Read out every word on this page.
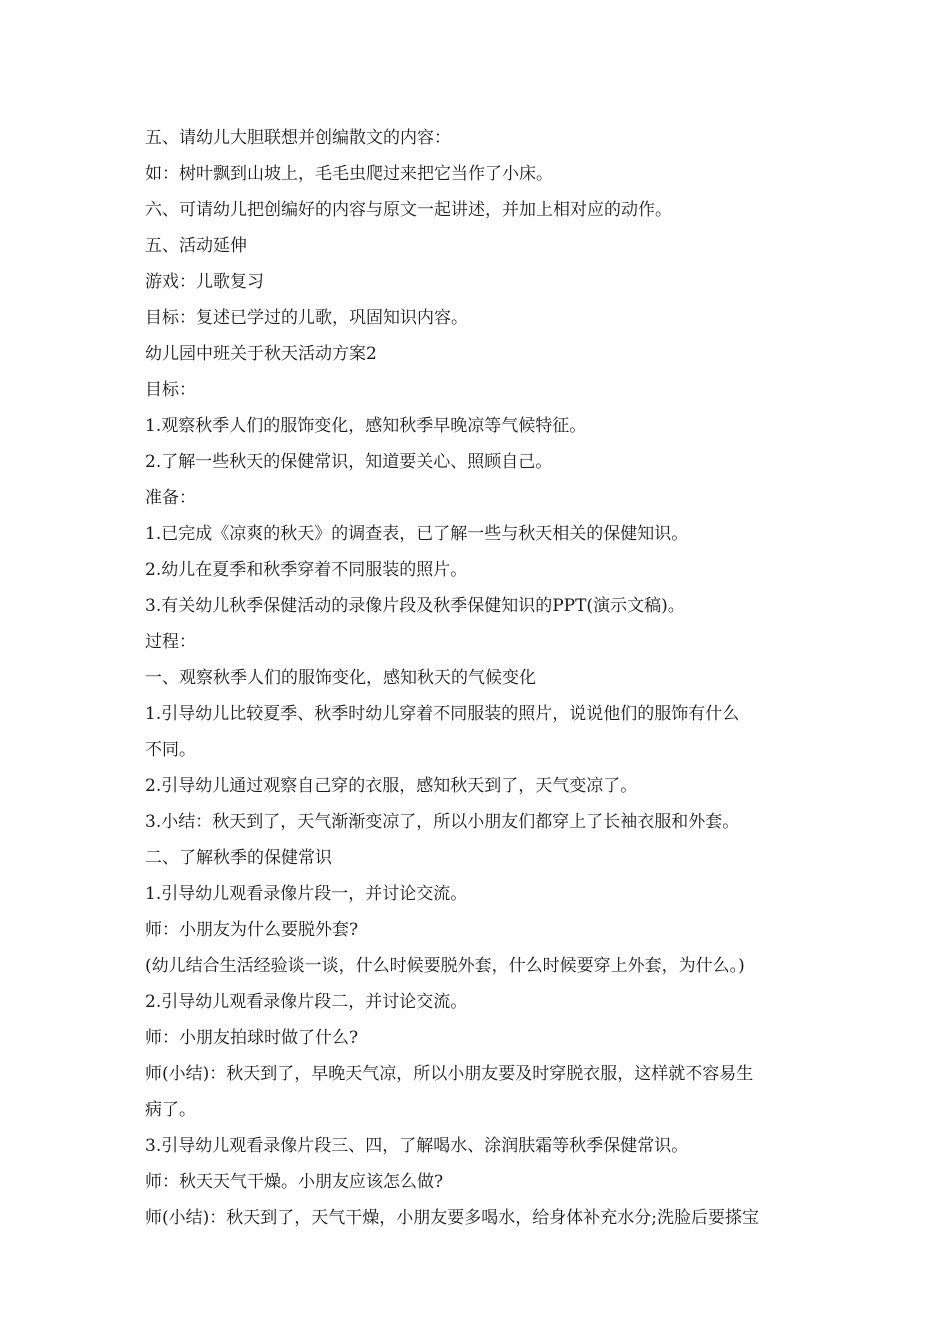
五、请幼儿大胆联想并创编散文的内容：
如：树叶飘到山坡上，毛毛虫爬过来把它当作了小床。
六、可请幼儿把创编好的内容与原文一起讲述，并加上相对应的动作。
五、活动延伸
游戏：儿歌复习
目标：复述已学过的儿歌，巩固知识内容。
幼儿园中班关于秋天活动方案2
目标：
1.观察秋季人们的服饰变化，感知秋季早晚凉等气候特征。
2.了解一些秋天的保健常识，知道要关心、照顾自己。
准备：
1.已完成《凉爽的秋天》的调查表，已了解一些与秋天相关的保健知识。
2.幼儿在夏季和秋季穿着不同服装的照片。
3.有关幼儿秋季保健活动的录像片段及秋季保健知识的PPT(演示文稿)。
过程：
一、观察秋季人们的服饰变化，感知秋天的气候变化
1.引导幼儿比较夏季、秋季时幼儿穿着不同服装的照片，说说他们的服饰有什么
不同。
2.引导幼儿通过观察自己穿的衣服，感知秋天到了，天气变凉了。
3.小结：秋天到了，天气渐渐变凉了，所以小朋友们都穿上了长袖衣服和外套。
二、了解秋季的保健常识
1.引导幼儿观看录像片段一，并讨论交流。
师：小朋友为什么要脱外套?
(幼儿结合生活经验谈一谈，什么时候要脱外套，什么时候要穿上外套，为什么。)
2.引导幼儿观看录像片段二，并讨论交流。
师：小朋友拍球时做了什么?
师(小结)：秋天到了，早晚天气凉，所以小朋友要及时穿脱衣服，这样就不容易生
病了。
3.引导幼儿观看录像片段三、四，了解喝水、涂润肤霜等秋季保健常识。
师：秋天天气干燥。小朋友应该怎么做?
师(小结)：秋天到了，天气干燥，小朋友要多喝水，给身体补充水分;洗脸后要搽宝
